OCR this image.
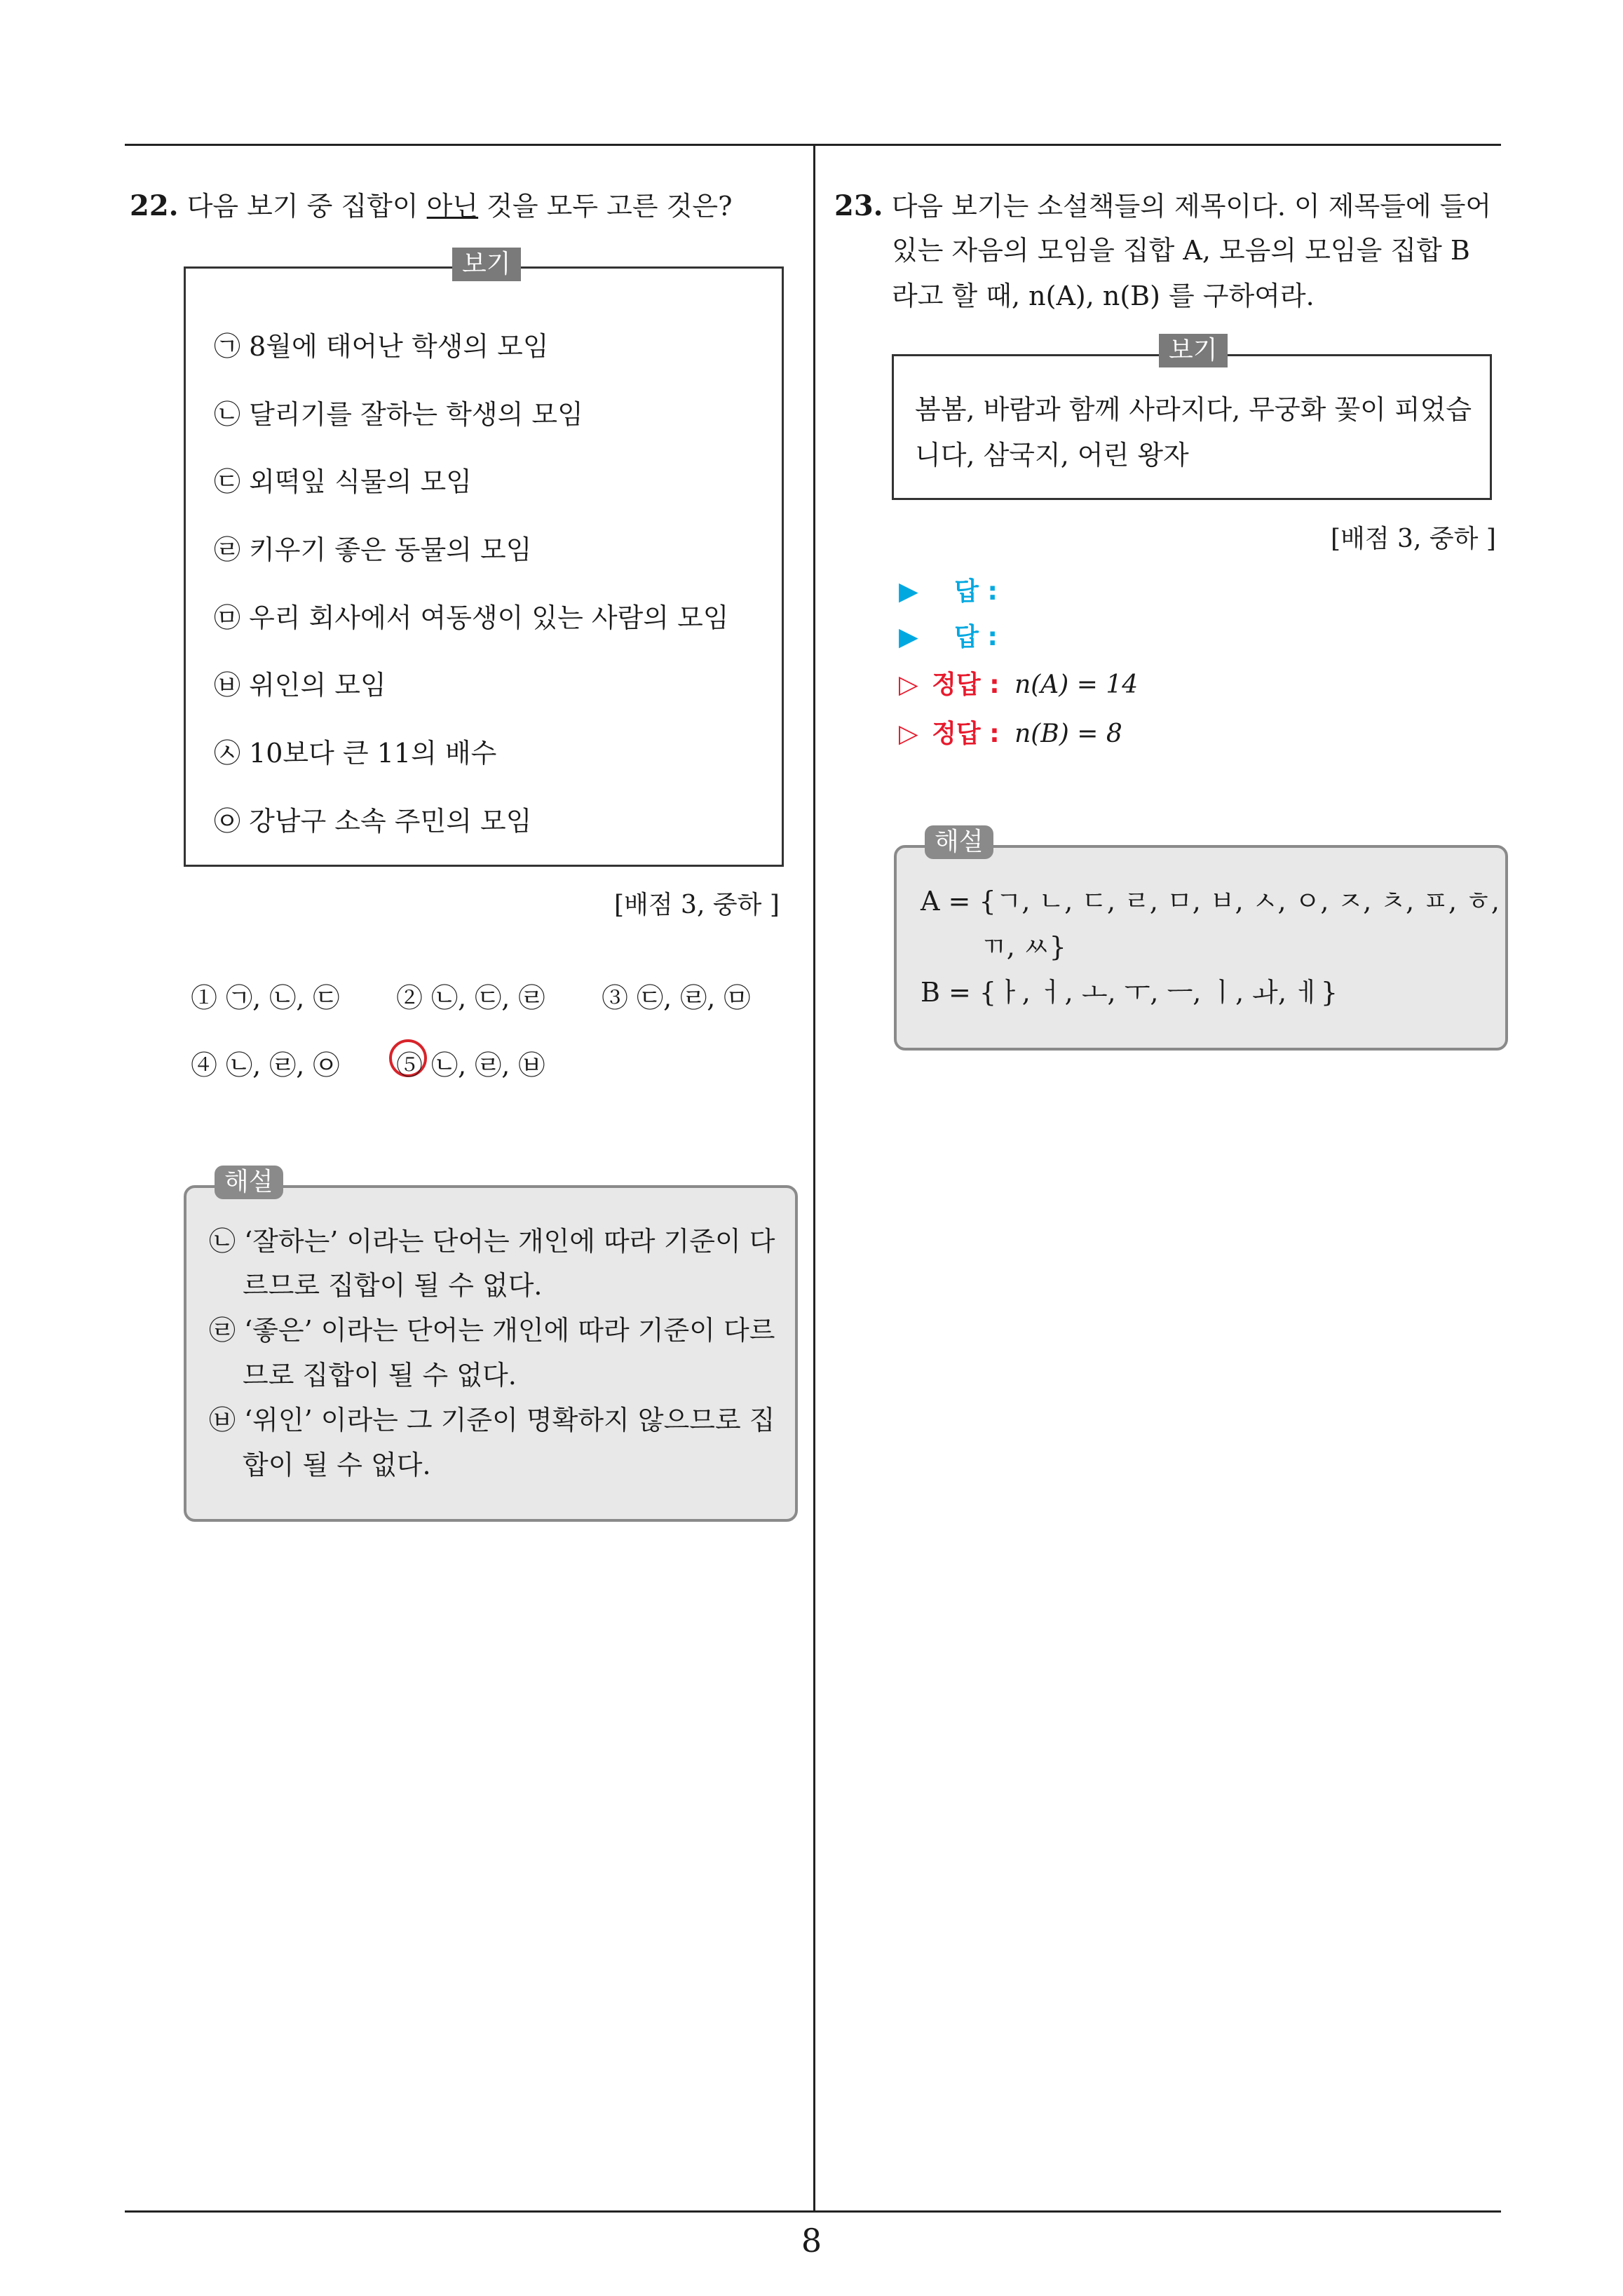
8
22. 다음 보기 중 집합이 아닌 것을 모두 고른 것은?
보기
㉠ 8월에 태어난 학생의 모임
㉡ 달리기를 잘하는 학생의 모임
㉢ 외떡잎 식물의 모임
㉣ 키우기 좋은 동물의 모임
㉤ 우리 회사에서 여동생이 있는 사람의 모임
㉥ 위인의 모임
㉦ 10보다 큰 11의 배수
㉧ 강남구 소속 주민의 모임
[배점 3, 중하 ]
① ㉠, ㉡, ㉢ ② ㉡, ㉢, ㉣ ③ ㉢, ㉣, ㉤
④ ㉡, ㉣, ㉧ ⑤ ㉡, ㉣, ㉥
해설
㉡ ‘잘하는’ 이라는 단어는 개인에 따라 기준이 다
르므로 집합이 될 수 없다.
㉣ ‘좋은’ 이라는 단어는 개인에 따라 기준이 다르
므로 집합이 될 수 없다.
㉥ ‘위인’ 이라는 그 기준이 명확하지 않으므로 집
합이 될 수 없다.
23. 다음 보기는 소설책들의 제목이다. 이 제목들에 들어
있는 자음의 모임을 집합 A, 모음의 모임을 집합 B
라고 할 때, n(A), n(B) 를 구하여라.
보기
봄봄, 바람과 함께 사라지다, 무궁화 꽃이 피었습
니다, 삼국지, 어린 왕자
[배점 3, 중하 ]
▶ 답 :
▶ 답 :
▷ 정답 : n(A) = 14
▷ 정답 : n(B) = 8
해설
A = {ㄱ, ㄴ, ㄷ, ㄹ, ㅁ, ㅂ, ㅅ, ㅇ, ㅈ, ㅊ, ㅍ, ㅎ,
ㄲ, ㅆ}
B = {ㅏ, ㅓ, ㅗ, ㅜ, ㅡ, ㅣ, ㅘ, ㅔ}
